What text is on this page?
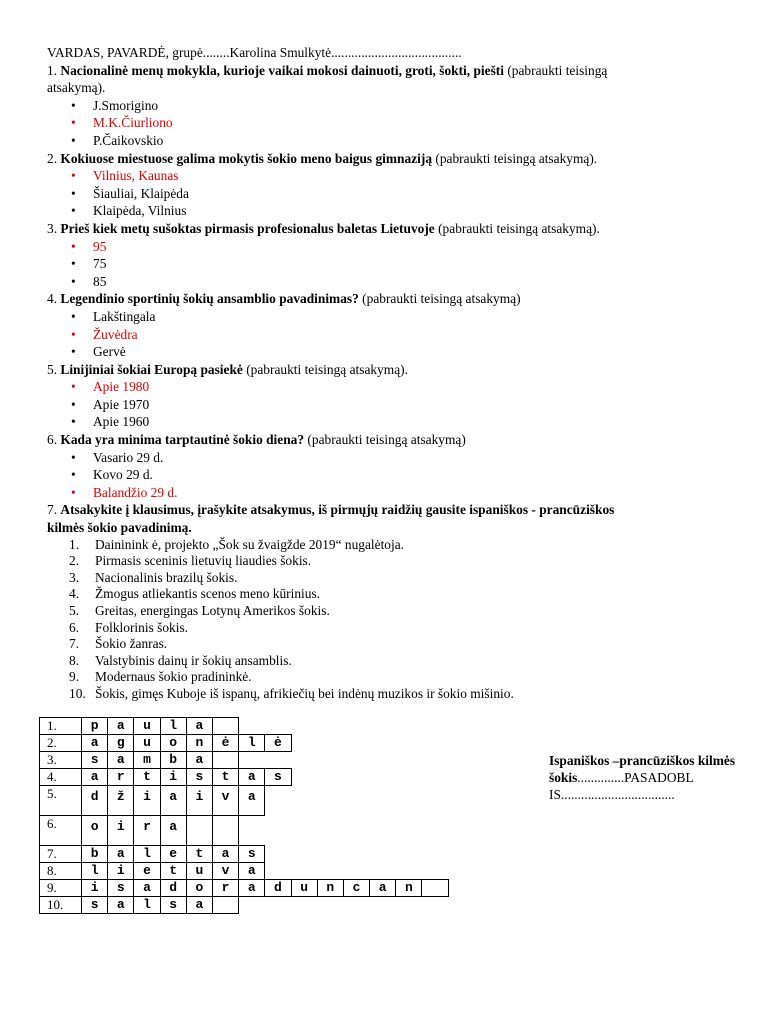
VARDAS, PAVARDĖ, grupė........Karolina Smulkytė.......................................
1. Nacionalinė menų mokykla, kurioje vaikai mokosi dainuoti, groti, šokti, piešti (pabraukti teisingą
atsakymą).
• J.Smorigino
• M.K.Čiurliono
• P.Čaikovskio
2. Kokiuose miestuose galima mokytis šokio meno baigus gimnaziją (pabraukti teisingą atsakymą).
• Vilnius, Kaunas
• Šiauliai, Klaipėda
• Klaipėda, Vilnius
3. Prieš kiek metų sušoktas pirmasis profesionalus baletas Lietuvoje (pabraukti teisingą atsakymą).
• 95
• 75
• 85
4. Legendinio sportinių šokių ansamblio pavadinimas? (pabraukti teisingą atsakymą)
• Lakštingala
• Žuvėdra
• Gervė
5. Linijiniai šokiai Europą pasiekė (pabraukti teisingą atsakymą).
• Apie 1980
• Apie 1970
• Apie 1960
6. Kada yra minima tarptautinė šokio diena? (pabraukti teisingą atsakymą)
• Vasario 29 d.
• Kovo 29 d.
• Balandžio 29 d.
7. Atsakykite į klausimus, įrašykite atsakymus, iš pirmųjų raidžių gausite ispaniškos - prancūziškos
kilmės šokio pavadinimą.
1. Daininink ė, projekto „Šok su žvaigžde 2019“ nugalėtoja.
2. Pirmasis sceninis lietuvių liaudies šokis.
3. Nacionalinis brazilų šokis.
4. Žmogus atliekantis scenos meno kūrinius.
5. Greitas, energingas Lotynų Amerikos šokis.
6. Folklorinis šokis.
7. Šokio žanras.
8. Valstybinis dainų ir šokių ansamblis.
9. Modernaus šokio pradininkė.
10. Šokis, gimęs Kuboje iš ispanų, afrikiečių bei indėnų muzikos ir šokio mišinio.
1.	p	a	u	l	a
2.	a	g	u	o	n	ė	l	ė
3.	s	a	m	b	a
4.	a	r	t	i	s	t	a	s
5.	d	ž	i	a	i	v	a
6.	o	i	r	a
7.	b	a	l	e	t	a	s
8.	l	i	e	t	u	v	a
9.	i	s	a	d	o	r	a	d	u	n	c	a	n
10.	s	a	l	s	a
Ispaniškos –prancūziškos kilmės šokis..............PASADOBL IS..................................
